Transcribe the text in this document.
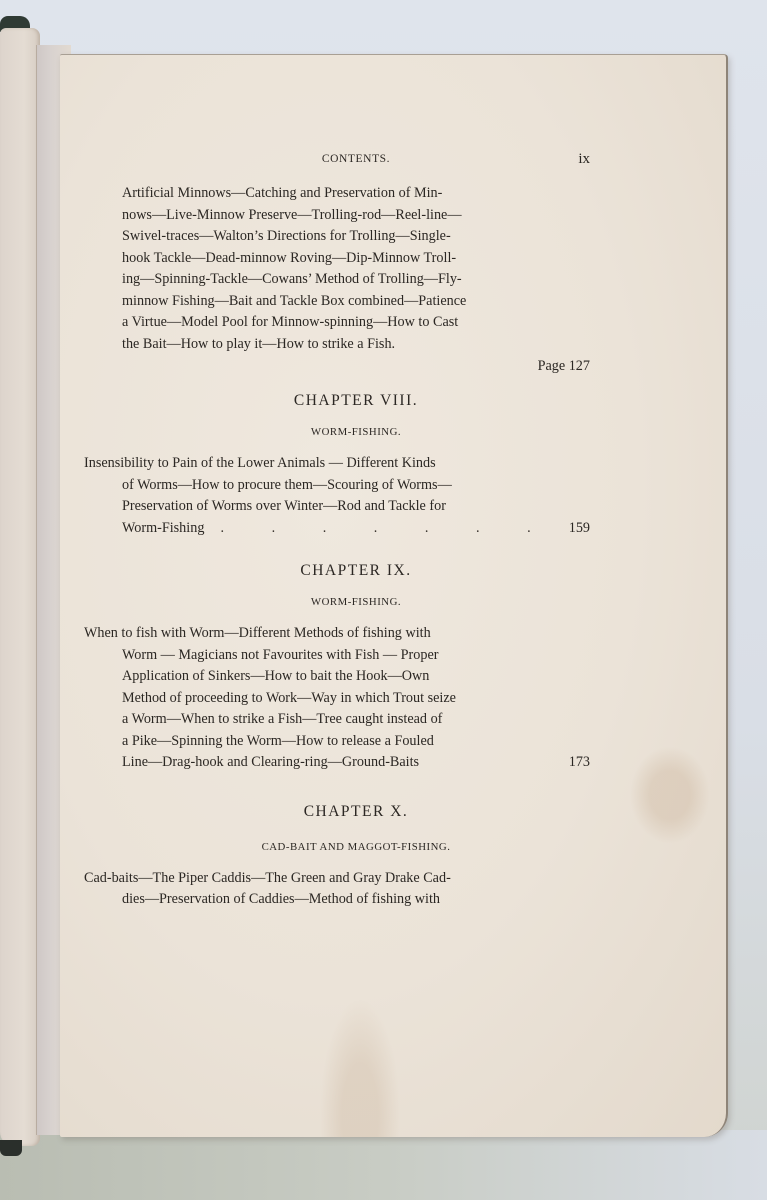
CONTENTS.	ix
Artificial Minnows—Catching and Preservation of Min-
nows—Live-Minnow Preserve—Trolling-rod—Reel-line—
Swivel-traces—Walton’s Directions for Trolling—Single-
hook Tackle—Dead-minnow Roving—Dip-Minnow Troll-
ing—Spinning-Tackle—Cowans’ Method of Trolling—Fly-
minnow Fishing—Bait and Tackle Box combined—Patience
a Virtue—Model Pool for Minnow-spinning—How to Cast
the Bait—How to play it—How to strike a Fish.
Page 127
CHAPTER VIII.
WORM-FISHING.
Insensibility to Pain of the Lower Animals — Different Kinds
of Worms—How to procure them—Scouring of Worms—
Preservation of Worms over Winter—Rod and Tackle for
Worm-Fishing	. . . . . . .	159
CHAPTER IX.
WORM-FISHING.
When to fish with Worm—Different Methods of fishing with
Worm — Magicians not Favourites with Fish — Proper
Application of Sinkers—How to bait the Hook—Own
Method of proceeding to Work—Way in which Trout seize
a Worm—When to strike a Fish—Tree caught instead of
a Pike—Spinning the Worm—How to release a Fouled
Line—Drag-hook and Clearing-ring—Ground-Baits	173
CHAPTER X.
CAD-BAIT AND MAGGOT-FISHING.
Cad-baits—The Piper Caddis—The Green and Gray Drake Cad-
dies—Preservation of Caddies—Method of fishing with
